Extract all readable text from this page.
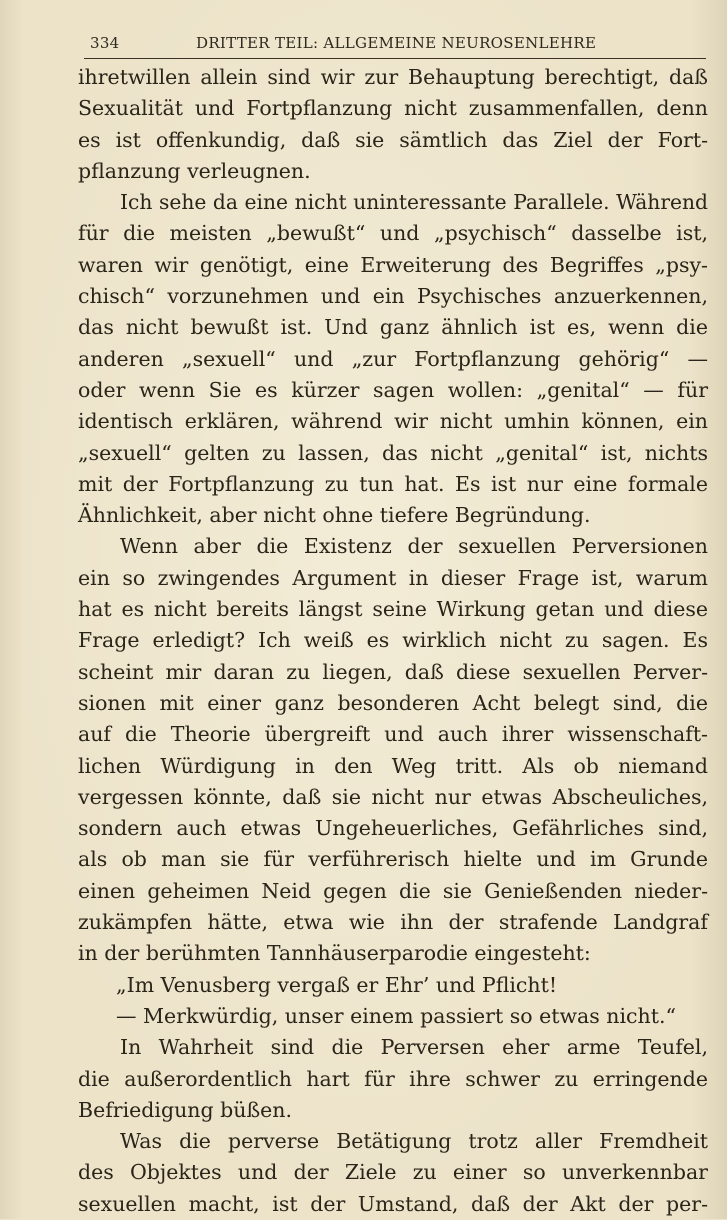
334	DRITTER TEIL: ALLGEMEINE NEUROSENLEHRE
ihretwillen allein sind wir zur Behauptung berechtigt, daß
Sexualität und Fortpflanzung nicht zusammenfallen, denn
es ist offenkundig, daß sie sämtlich das Ziel der Fort-
pflanzung verleugnen.
Ich sehe da eine nicht uninteressante Parallele. Während
für die meisten „bewußt“ und „psychisch“ dasselbe ist,
waren wir genötigt, eine Erweiterung des Begriffes „psy-
chisch“ vorzunehmen und ein Psychisches anzuerkennen,
das nicht bewußt ist. Und ganz ähnlich ist es, wenn die
anderen „sexuell“ und „zur Fortpflanzung gehörig“ —
oder wenn Sie es kürzer sagen wollen: „genital“ — für
identisch erklären, während wir nicht umhin können, ein
„sexuell“ gelten zu lassen, das nicht „genital“ ist, nichts
mit der Fortpflanzung zu tun hat. Es ist nur eine formale
Ähnlichkeit, aber nicht ohne tiefere Begründung.
Wenn aber die Existenz der sexuellen Perversionen
ein so zwingendes Argument in dieser Frage ist, warum
hat es nicht bereits längst seine Wirkung getan und diese
Frage erledigt? Ich weiß es wirklich nicht zu sagen. Es
scheint mir daran zu liegen, daß diese sexuellen Perver-
sionen mit einer ganz besonderen Acht belegt sind, die
auf die Theorie übergreift und auch ihrer wissenschaft-
lichen Würdigung in den Weg tritt. Als ob niemand
vergessen könnte, daß sie nicht nur etwas Abscheuliches,
sondern auch etwas Ungeheuerliches, Gefährliches sind,
als ob man sie für verführerisch hielte und im Grunde
einen geheimen Neid gegen die sie Genießenden nieder-
zukämpfen hätte, etwa wie ihn der strafende Landgraf
in der berühmten Tannhäuserparodie eingesteht:
„Im Venusberg vergaß er Ehr’ und Pflicht!
— Merkwürdig, unser einem passiert so etwas nicht.“
In Wahrheit sind die Perversen eher arme Teufel,
die außerordentlich hart für ihre schwer zu erringende
Befriedigung büßen.
Was die perverse Betätigung trotz aller Fremdheit
des Objektes und der Ziele zu einer so unverkennbar
sexuellen macht, ist der Umstand, daß der Akt der per-
